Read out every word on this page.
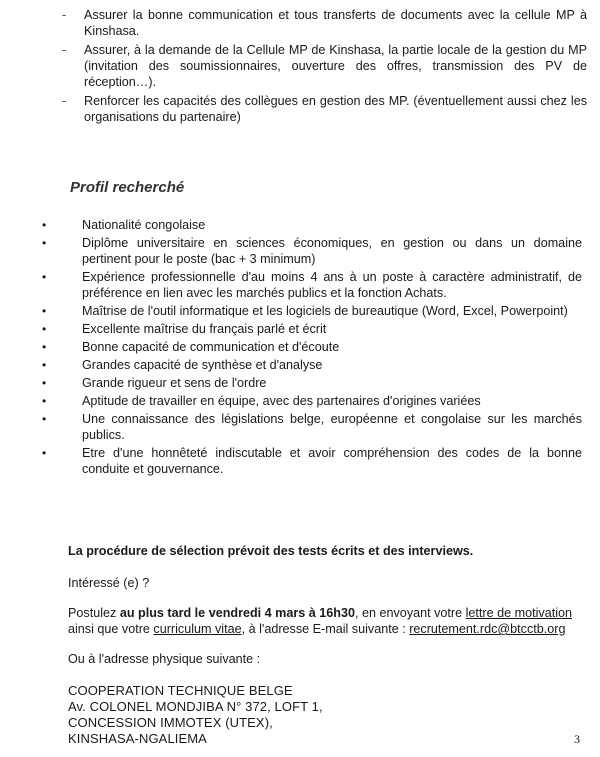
- Assurer la bonne communication et tous transferts de documents avec la cellule MP à Kinshasa.
- Assurer, à la demande de la Cellule MP de Kinshasa, la partie locale de la gestion du MP (invitation des soumissionnaires, ouverture des offres, transmission des PV de réception…).
- Renforcer les capacités des collègues en gestion des MP. (éventuellement aussi chez les organisations du partenaire)
Profil recherché
•	Nationalité congolaise
•	Diplôme universitaire en sciences économiques, en gestion ou dans un domaine pertinent pour le poste (bac + 3 minimum)
•	Expérience professionnelle d'au moins 4 ans à un poste à caractère administratif, de préférence en lien avec les marchés publics et la fonction Achats.
•	Maîtrise de l'outil informatique et les logiciels de bureautique (Word, Excel, Powerpoint)
•	Excellente maîtrise du français parlé et écrit
•	Bonne capacité de communication et d'écoute
•	Grandes capacité de synthèse et d'analyse
•	Grande rigueur et sens de l'ordre
•	Aptitude de travailler en équipe, avec des partenaires d'origines variées
•	Une connaissance des législations belge, européenne et congolaise sur les marchés publics.
•	Etre d'une honnêteté indiscutable et avoir compréhension des codes de la bonne conduite et gouvernance.

La procédure de sélection prévoit des tests écrits et des interviews.

Intéressé (e) ?

Postulez au plus tard le vendredi 4 mars à 16h30, en envoyant votre lettre de motivation ainsi que votre curriculum vitae, à l'adresse E-mail suivante : recrutement.rdc@btcctb.org

Ou à l'adresse physique suivante :

COOPERATION TECHNIQUE BELGE
Av. COLONEL MONDJIBA N° 372, LOFT 1,
CONCESSION IMMOTEX (UTEX),
KINSHASA-NGALIEMA	3
